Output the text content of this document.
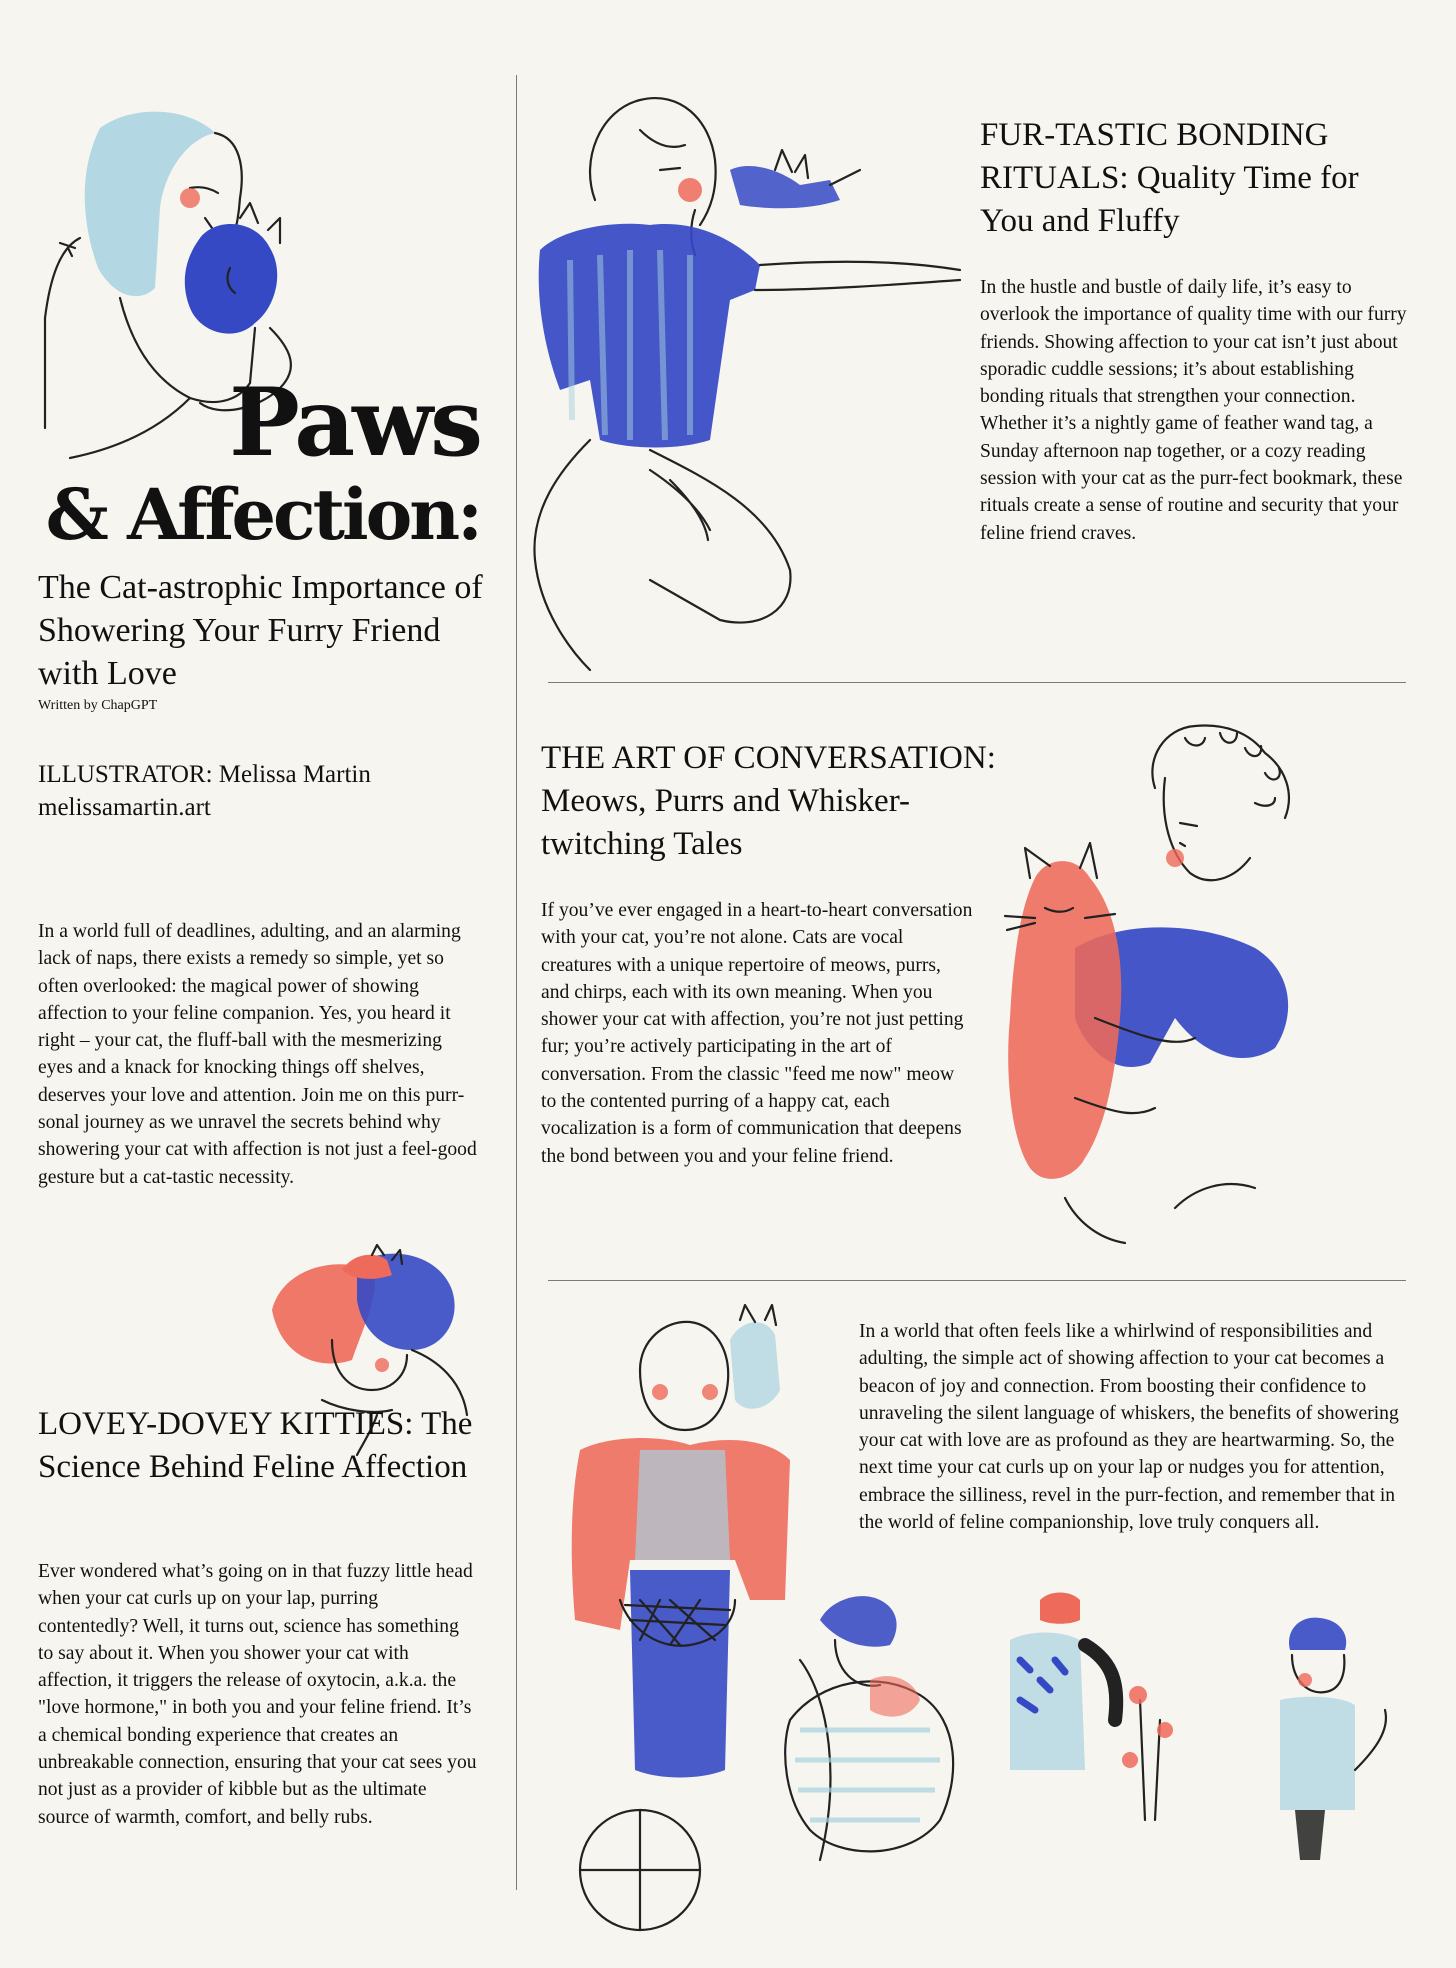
Paws
& Affection:
The Cat-astrophic Importance of Showering Your Furry Friend with Love
Written by ChapGPT
ILLUSTRATOR: Melissa Martin
melissamartin.art
In a world full of deadlines, adulting, and an alarming lack of naps, there exists a remedy so simple, yet so often overlooked: the magical power of showing affection to your feline companion. Yes, you heard it right – your cat, the fluff-ball with the mesmerizing eyes and a knack for knocking things off shelves, deserves your love and attention. Join me on this purr-sonal journey as we unravel the secrets behind why showering your cat with affection is not just a feel-good gesture but a cat-tastic necessity.
LOVEY-DOVEY KITTIES: The Science Behind Feline Affection
Ever wondered what’s going on in that fuzzy little head when your cat curls up on your lap, purring contentedly? Well, it turns out, science has something to say about it. When you shower your cat with affection, it triggers the release of oxytocin, a.k.a. the "love hormone," in both you and your feline friend. It’s a chemical bonding experience that creates an unbreakable connection, ensuring that your cat sees you not just as a provider of kibble but as the ultimate source of warmth, comfort, and belly rubs.
FUR-TASTIC BONDING RITUALS: Quality Time for You and Fluffy
In the hustle and bustle of daily life, it’s easy to overlook the importance of quality time with our furry friends. Showing affection to your cat isn’t just about sporadic cuddle sessions; it’s about establishing bonding rituals that strengthen your connection. Whether it’s a nightly game of feather wand tag, a Sunday afternoon nap together, or a cozy reading session with your cat as the purr-fect bookmark, these rituals create a sense of routine and security that your feline friend craves.
THE ART OF CONVERSATION: Meows, Purrs and Whisker-twitching Tales
If you’ve ever engaged in a heart-to-heart conversation with your cat, you’re not alone. Cats are vocal creatures with a unique repertoire of meows, purrs, and chirps, each with its own meaning. When you shower your cat with affection, you’re not just petting fur; you’re actively participating in the art of conversation. From the classic "feed me now" meow to the contented purring of a happy cat, each vocalization is a form of communication that deepens the bond between you and your feline friend.
In a world that often feels like a whirlwind of responsibilities and adulting, the simple act of showing affection to your cat becomes a beacon of joy and connection. From boosting their confidence to unraveling the silent language of whiskers, the benefits of showering your cat with love are as profound as they are heartwarming. So, the next time your cat curls up on your lap or nudges you for attention, embrace the silliness, revel in the purr-fection, and remember that in the world of feline companionship, love truly conquers all.
